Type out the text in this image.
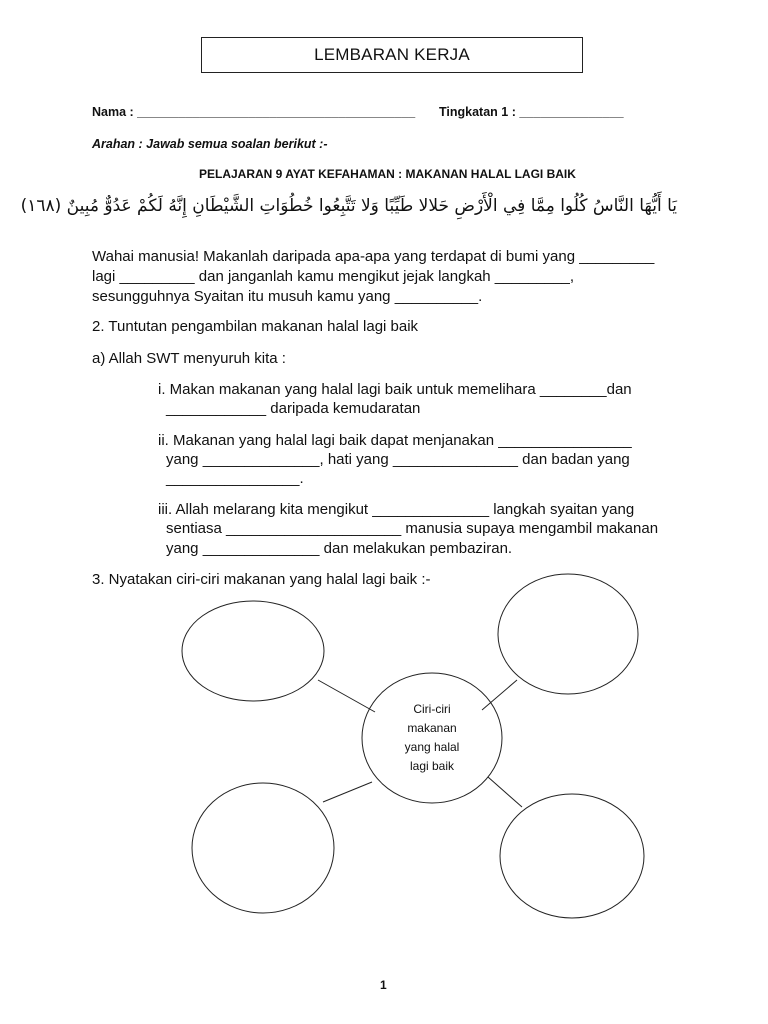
LEMBARAN KERJA
Nama : ________________________________________ Tingkatan 1 : _______________
Arahan : Jawab semua soalan berikut :-
PELAJARAN 9 AYAT KEFAHAMAN : MAKANAN HALAL LAGI BAIK
يَا أَيُّهَا النَّاسُ كُلُوا مِمَّا فِي الْأَرْضِ حَلالا طَيِّبًا وَلا تَتَّبِعُوا خُطُوَاتِ الشَّيْطَانِ إِنَّهُ لَكُمْ عَدُوٌّ مُبِينٌ (١٦٨)
Wahai manusia! Makanlah daripada apa-apa yang terdapat di bumi yang _________
lagi _________ dan janganlah kamu mengikut jejak langkah _________,
sesungguhnya Syaitan itu musuh kamu yang __________.
2. Tuntutan pengambilan makanan halal lagi baik
a) Allah SWT menyuruh kita :
i. Makan makanan yang halal lagi baik untuk memelihara ________dan
____________ daripada kemudaratan
ii. Makanan yang halal lagi baik dapat menjanakan ________________
yang ______________, hati yang _______________ dan badan yang
________________.
iii. Allah melarang kita mengikut ______________ langkah syaitan yang
sentiasa _____________________ manusia supaya mengambil makanan
yang ______________ dan melakukan pembaziran.
3. Nyatakan ciri-ciri makanan yang halal lagi baik :-
Ciri-ciri
makanan
yang halal
lagi baik
1
